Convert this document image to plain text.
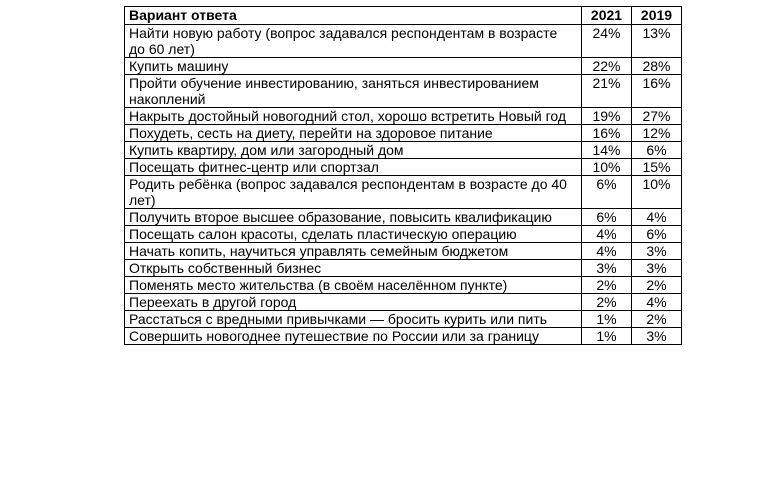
Вариант ответа	2021	2019
Найти новую работу (вопрос задавался респондентам в возрасте до 60 лет)	24%	13%
Купить машину	22%	28%
Пройти обучение инвестированию, заняться инвестированием накоплений	21%	16%
Накрыть достойный новогодний стол, хорошо встретить Новый год	19%	27%
Похудеть, сесть на диету, перейти на здоровое питание	16%	12%
Купить квартиру, дом или загородный дом	14%	6%
Посещать фитнес-центр или спортзал	10%	15%
Родить ребёнка (вопрос задавался респондентам в возрасте до 40 лет)	6%	10%
Получить второе высшее образование, повысить квалификацию	6%	4%
Посещать салон красоты, сделать пластическую операцию	4%	6%
Начать копить, научиться управлять семейным бюджетом	4%	3%
Открыть собственный бизнес	3%	3%
Поменять место жительства (в своём населённом пункте)	2%	2%
Переехать в другой город	2%	4%
Расстаться с вредными привычками — бросить курить или пить	1%	2%
Совершить новогоднее путешествие по России или за границу	1%	3%
